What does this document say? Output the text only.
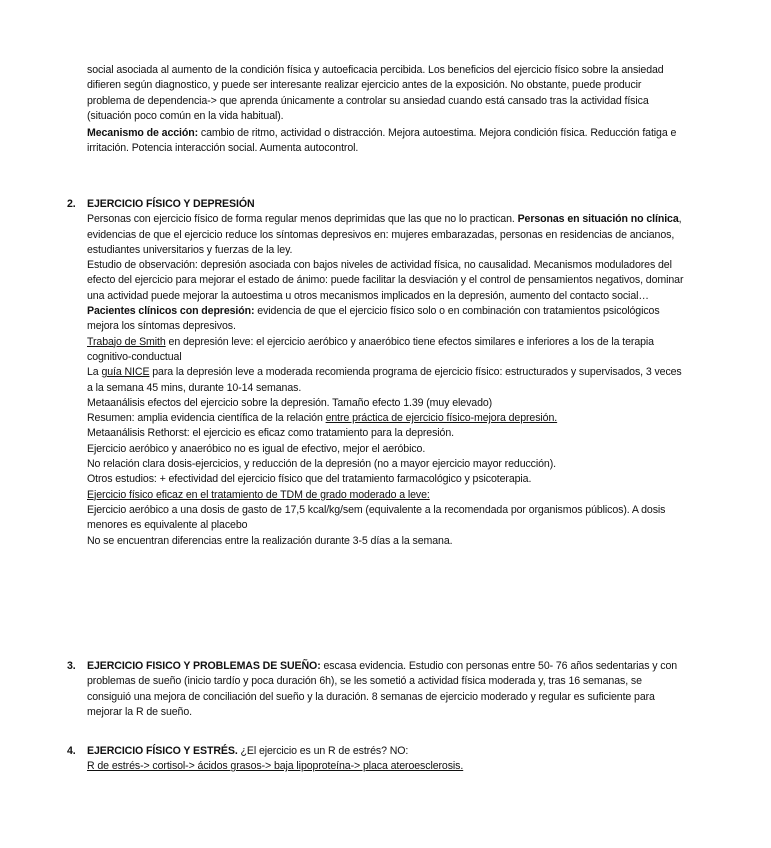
social asociada al aumento de la condición física y autoeficacia percibida. Los beneficios del ejercicio físico sobre la ansiedad difieren según diagnostico, y puede ser interesante realizar ejercicio antes de la exposición. No obstante, puede producir problema de dependencia-> que aprenda únicamente a controlar su ansiedad cuando está cansado tras la actividad física (situación poco común en la vida habitual).

Mecanismo de acción: cambio de ritmo, actividad o distracción. Mejora autoestima. Mejora condición física. Reducción fatiga e irritación. Potencia interacción social. Aumenta autocontrol.

2. EJERCICIO FÍSICO Y DEPRESIÓN

Personas con ejercicio físico de forma regular menos deprimidas que las que no lo practican. Personas en situación no clínica, evidencias de que el ejercicio reduce los síntomas depresivos en: mujeres embarazadas, personas en residencias de ancianos, estudiantes universitarios y fuerzas de la ley.

Estudio de observación: depresión asociada con bajos niveles de actividad física, no causalidad. Mecanismos moduladores del efecto del ejercicio para mejorar el estado de ánimo: puede facilitar la desviación y el control de pensamientos negativos, dominar una actividad puede mejorar la autoestima u otros mecanismos implicados en la depresión, aumento del contacto social…

Pacientes clínicos con depresión: evidencia de que el ejercicio físico solo o en combinación con tratamientos psicológicos mejora los síntomas depresivos.

Trabajo de Smith en depresión leve: el ejercicio aeróbico y anaeróbico tiene efectos similares e inferiores a los de la terapia cognitivo-conductual

La guía NICE para la depresión leve a moderada recomienda programa de ejercicio físico: estructurados y supervisados, 3 veces a la semana 45 mins, durante 10-14 semanas.

Metaanálisis efectos del ejercicio sobre la depresión. Tamaño efecto 1.39 (muy elevado)

Resumen: amplia evidencia científica de la relación entre práctica de ejercicio físico-mejora depresión.

Metaanálisis Rethorst: el ejercicio es eficaz como tratamiento para la depresión.

Ejercicio aeróbico y anaeróbico no es igual de efectivo, mejor el aeróbico.

No relación clara dosis-ejercicios, y reducción de la depresión (no a mayor ejercicio mayor reducción).

Otros estudios: + efectividad del ejercicio físico que del tratamiento farmacológico y psicoterapia.

Ejercicio físico eficaz en el tratamiento de TDM de grado moderado a leve:

Ejercicio aeróbico a una dosis de gasto de 17,5 kcal/kg/sem (equivalente a la recomendada por organismos públicos). A dosis menores es equivalente al placebo

No se encuentran diferencias entre la realización durante 3-5 días a la semana.

3. EJERCICIO FISICO Y PROBLEMAS DE SUEÑO: escasa evidencia. Estudio con personas entre 50- 76 años sedentarias y con problemas de sueño (inicio tardío y poca duración 6h), se les sometió a actividad física moderada y, tras 16 semanas, se consiguió una mejora de conciliación del sueño y la duración. 8 semanas de ejercicio moderado y regular es suficiente para mejorar la R de sueño.

4. EJERCICIO FÍSICO Y ESTRÉS. ¿El ejercicio es un R de estrés? NO:

R de estrés-> cortisol-> ácidos grasos-> baja lipoproteína-> placa ateroesclerosis.
